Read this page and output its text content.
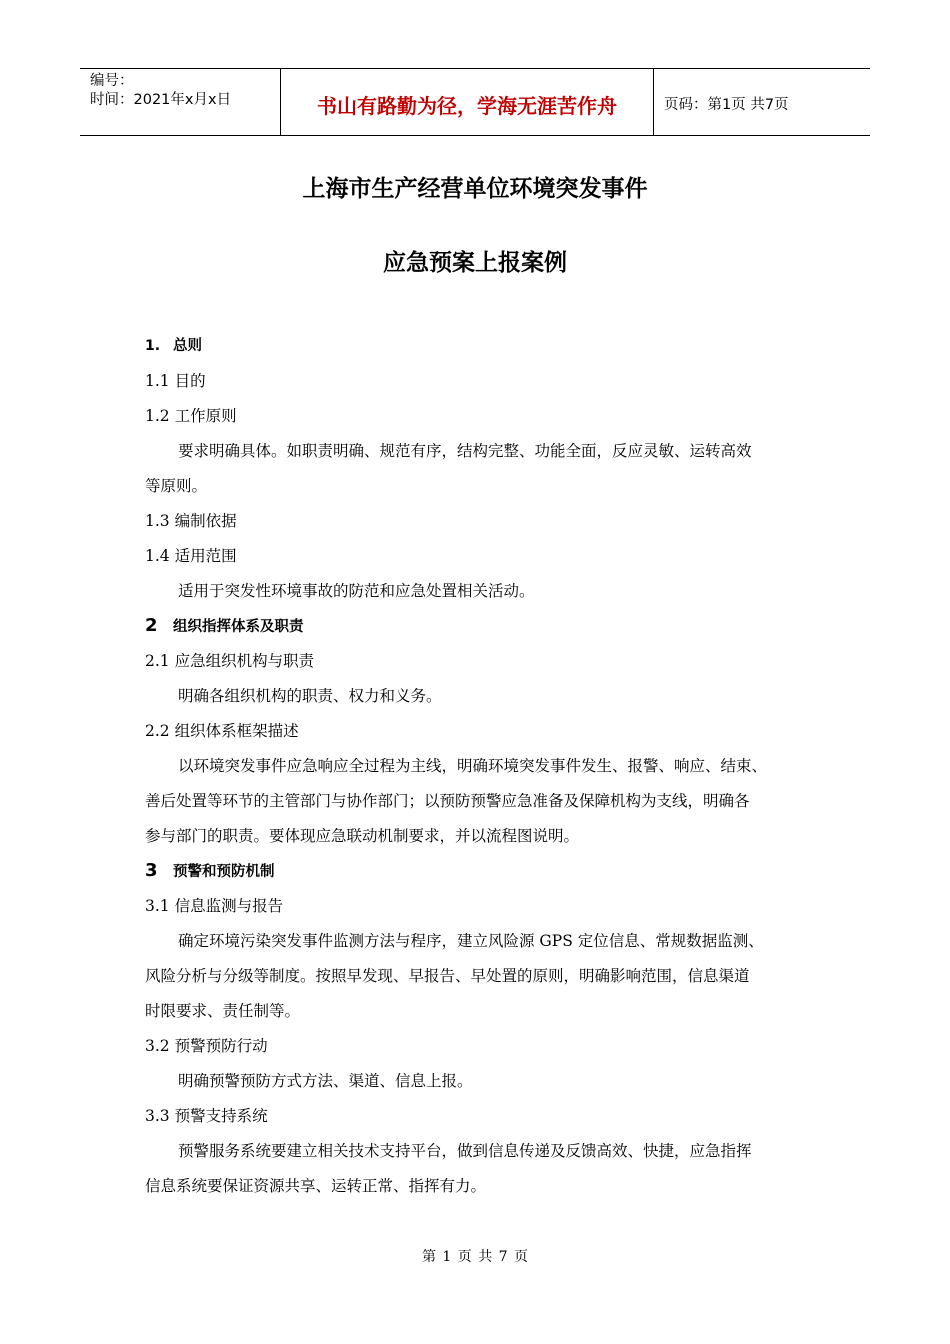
编号：
时间：2021年x月x日	书山有路勤为径，学海无涯苦作舟	页码：第1页 共7页
上海市生产经营单位环境突发事件
应急预案上报案例
1. 总则
1.1 目的
1.2 工作原则
要求明确具体。如职责明确、规范有序，结构完整、功能全面，反应灵敏、运转高效
等原则。
1.3 编制依据
1.4 适用范围
适用于突发性环境事故的防范和应急处置相关活动。
2 组织指挥体系及职责
2.1 应急组织机构与职责
明确各组织机构的职责、权力和义务。
2.2 组织体系框架描述
以环境突发事件应急响应全过程为主线，明确环境突发事件发生、报警、响应、结束、
善后处置等环节的主管部门与协作部门；以预防预警应急准备及保障机构为支线，明确各
参与部门的职责。要体现应急联动机制要求，并以流程图说明。
3 预警和预防机制
3.1 信息监测与报告
确定环境污染突发事件监测方法与程序，建立风险源 GPS 定位信息、常规数据监测、
风险分析与分级等制度。按照早发现、早报告、早处置的原则，明确影响范围，信息渠道
时限要求、责任制等。
3.2 预警预防行动
明确预警预防方式方法、渠道、信息上报。
3.3 预警支持系统
预警服务系统要建立相关技术支持平台，做到信息传递及反馈高效、快捷，应急指挥
信息系统要保证资源共享、运转正常、指挥有力。
第 1 页 共 7 页
